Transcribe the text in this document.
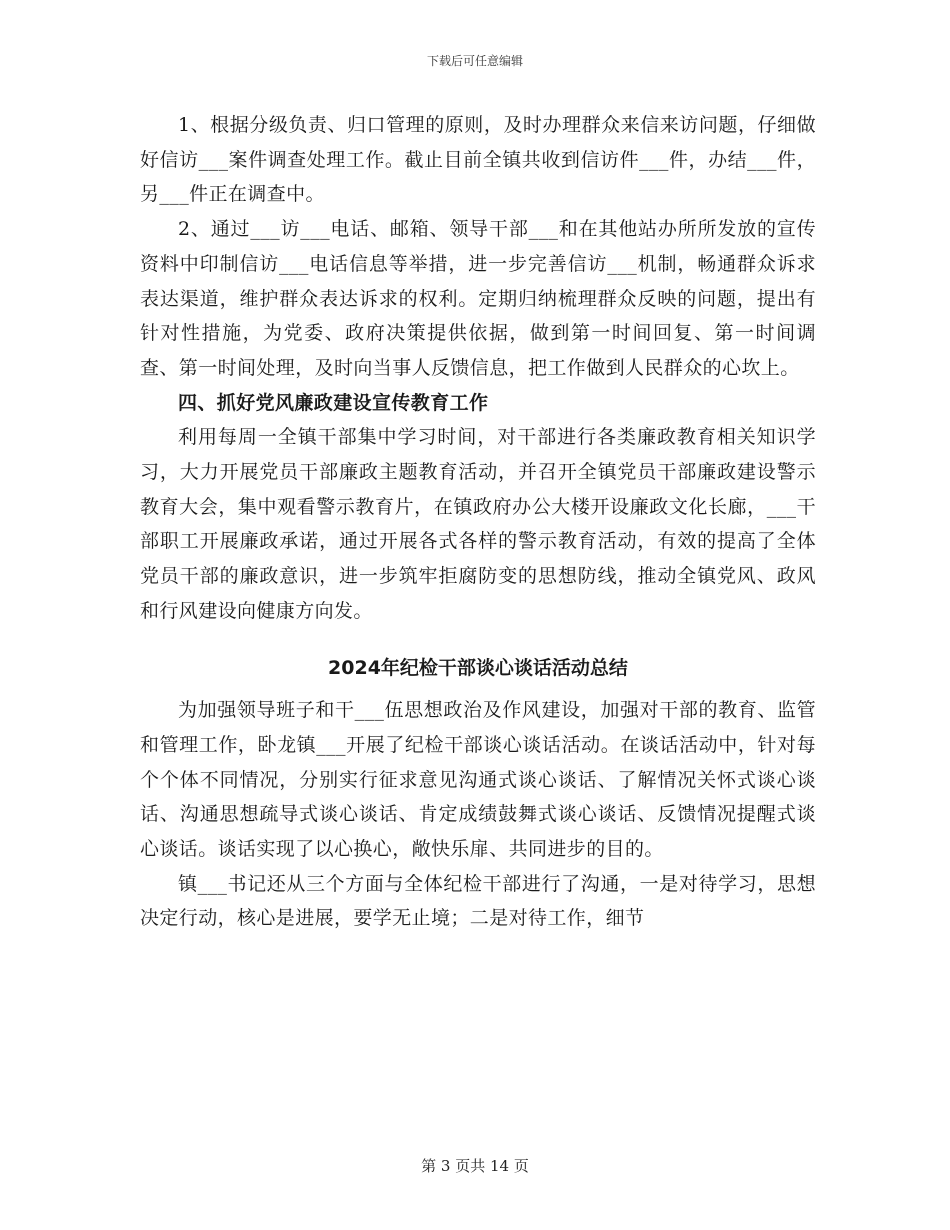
下载后可任意编辑

1、根据分级负责、归口管理的原则，及时办理群众来信来访问题，仔细做好信访___案件调查处理工作。截止目前全镇共收到信访件___件，办结___件，另___件正在调查中。

2、通过___访___电话、邮箱、领导干部___和在其他站办所所发放的宣传资料中印制信访___电话信息等举措，进一步完善信访___机制，畅通群众诉求表达渠道，维护群众表达诉求的权利。定期归纳梳理群众反映的问题，提出有针对性措施，为党委、政府决策提供依据，做到第一时间回复、第一时间调查、第一时间处理，及时向当事人反馈信息，把工作做到人民群众的心坎上。

四、抓好党风廉政建设宣传教育工作

利用每周一全镇干部集中学习时间，对干部进行各类廉政教育相关知识学习，大力开展党员干部廉政主题教育活动，并召开全镇党员干部廉政建设警示教育大会，集中观看警示教育片，在镇政府办公大楼开设廉政文化长廊，___干部职工开展廉政承诺，通过开展各式各样的警示教育活动，有效的提高了全体党员干部的廉政意识，进一步筑牢拒腐防变的思想防线，推动全镇党风、政风和行风建设向健康方向发。

2024年纪检干部谈心谈话活动总结

为加强领导班子和干___伍思想政治及作风建设，加强对干部的教育、监管和管理工作，卧龙镇___开展了纪检干部谈心谈话活动。在谈话活动中，针对每个个体不同情况，分别实行征求意见沟通式谈心谈话、了解情况关怀式谈心谈话、沟通思想疏导式谈心谈话、肯定成绩鼓舞式谈心谈话、反馈情况提醒式谈心谈话。谈话实现了以心换心，敞快乐扉、共同进步的目的。

镇___书记还从三个方面与全体纪检干部进行了沟通，一是对待学习，思想决定行动，核心是进展，要学无止境；二是对待工作，细节

第 3 页共 14 页
